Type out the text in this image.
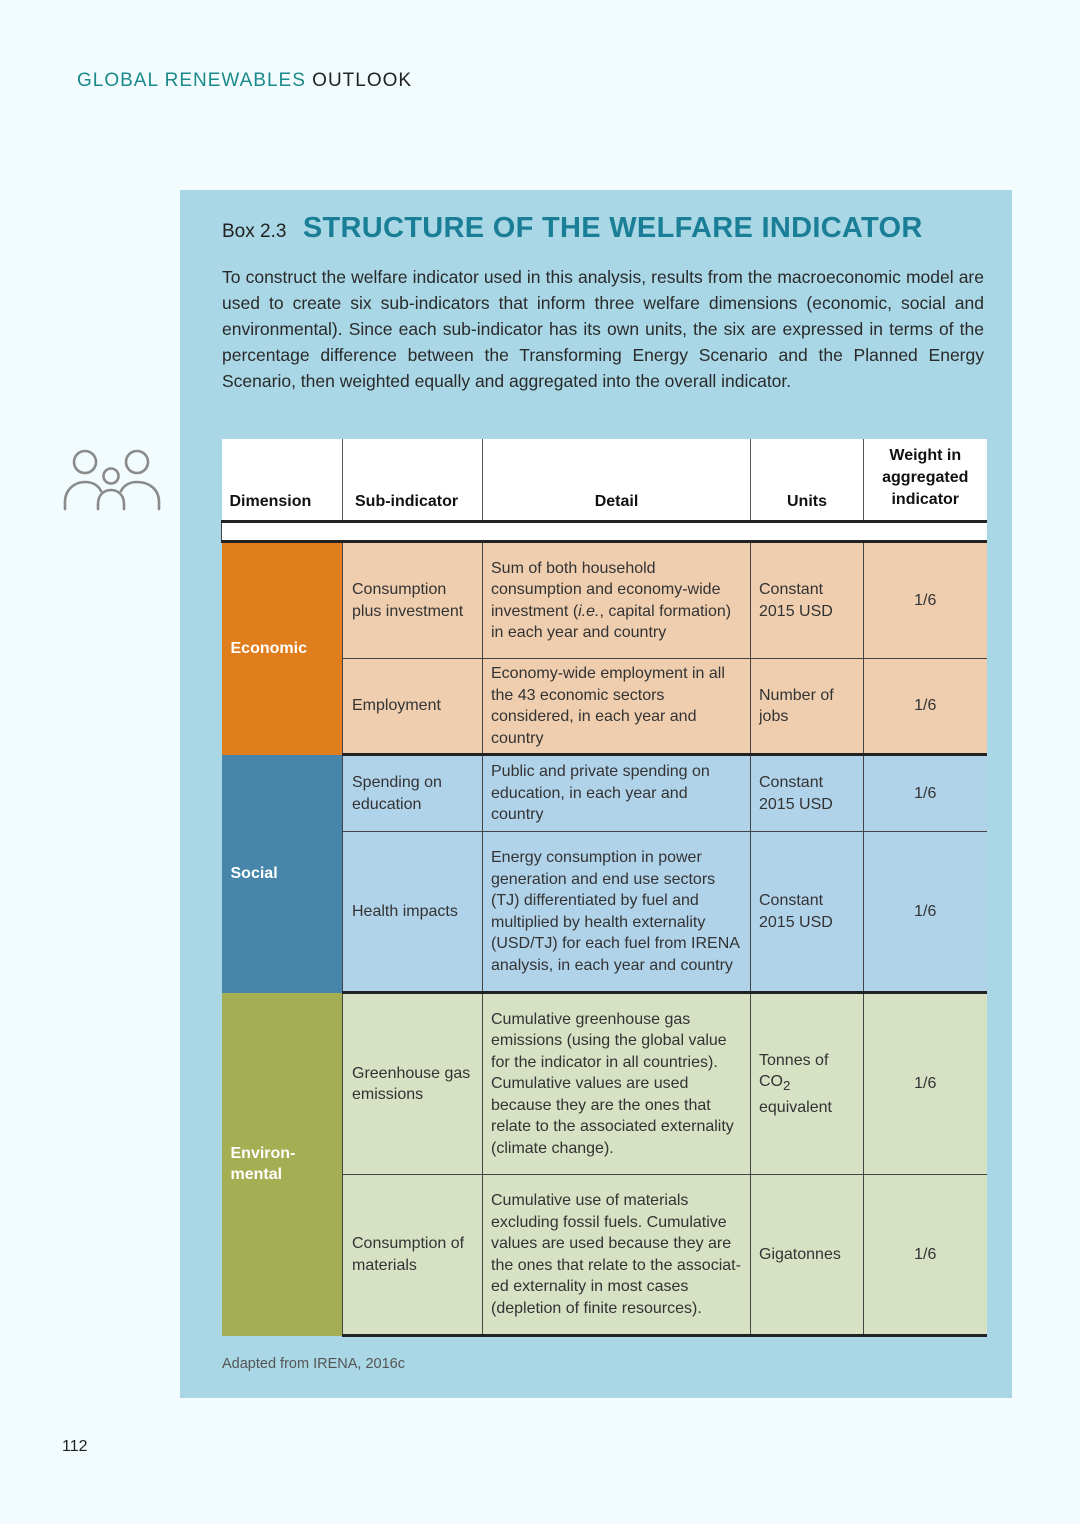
GLOBAL RENEWABLES OUTLOOK
Box 2.3 STRUCTURE OF THE WELFARE INDICATOR

To construct the welfare indicator used in this analysis, results from the macroeconomic model are used to create six sub-indicators that inform three welfare dimensions (economic, social and environmental). Since each sub-indicator has its own units, the six are expressed in terms of the percentage difference between the Transforming Energy Scenario and the Planned Energy Scenario, then weighted equally and aggregated into the overall indicator.

Dimension	Sub-indicator	Detail	Units	Weight in aggregated indicator

Economic	Consumption plus investment	Sum of both household consumption and economy-wide investment (i.e., capital formation) in each year and country	Constant 2015 USD	1/6
	Employment	Economy-wide employment in all the 43 economic sectors considered, in each year and country	Number of jobs	1/6
Social	Spending on education	Public and private spending on education, in each year and country	Constant 2015 USD	1/6
	Health impacts	Energy consumption in power generation and end use sectors (TJ) differentiated by fuel and multiplied by health externality (USD/TJ) for each fuel from IRENA analysis, in each year and country	Constant 2015 USD	1/6
Environ-mental	Greenhouse gas emissions	Cumulative greenhouse gas emissions (using the global value for the indicator in all countries). Cumulative values are used because they are the ones that relate to the associated externality (climate change).	Tonnes of $CO_2$ equivalent	1/6
	Consumption of materials	Cumulative use of materials excluding fossil fuels. Cumulative values are used because they are the ones that relate to the associat-ed externality in most cases (depletion of finite resources).	Gigatonnes	1/6
Adapted from IRENA, 2016c
112
